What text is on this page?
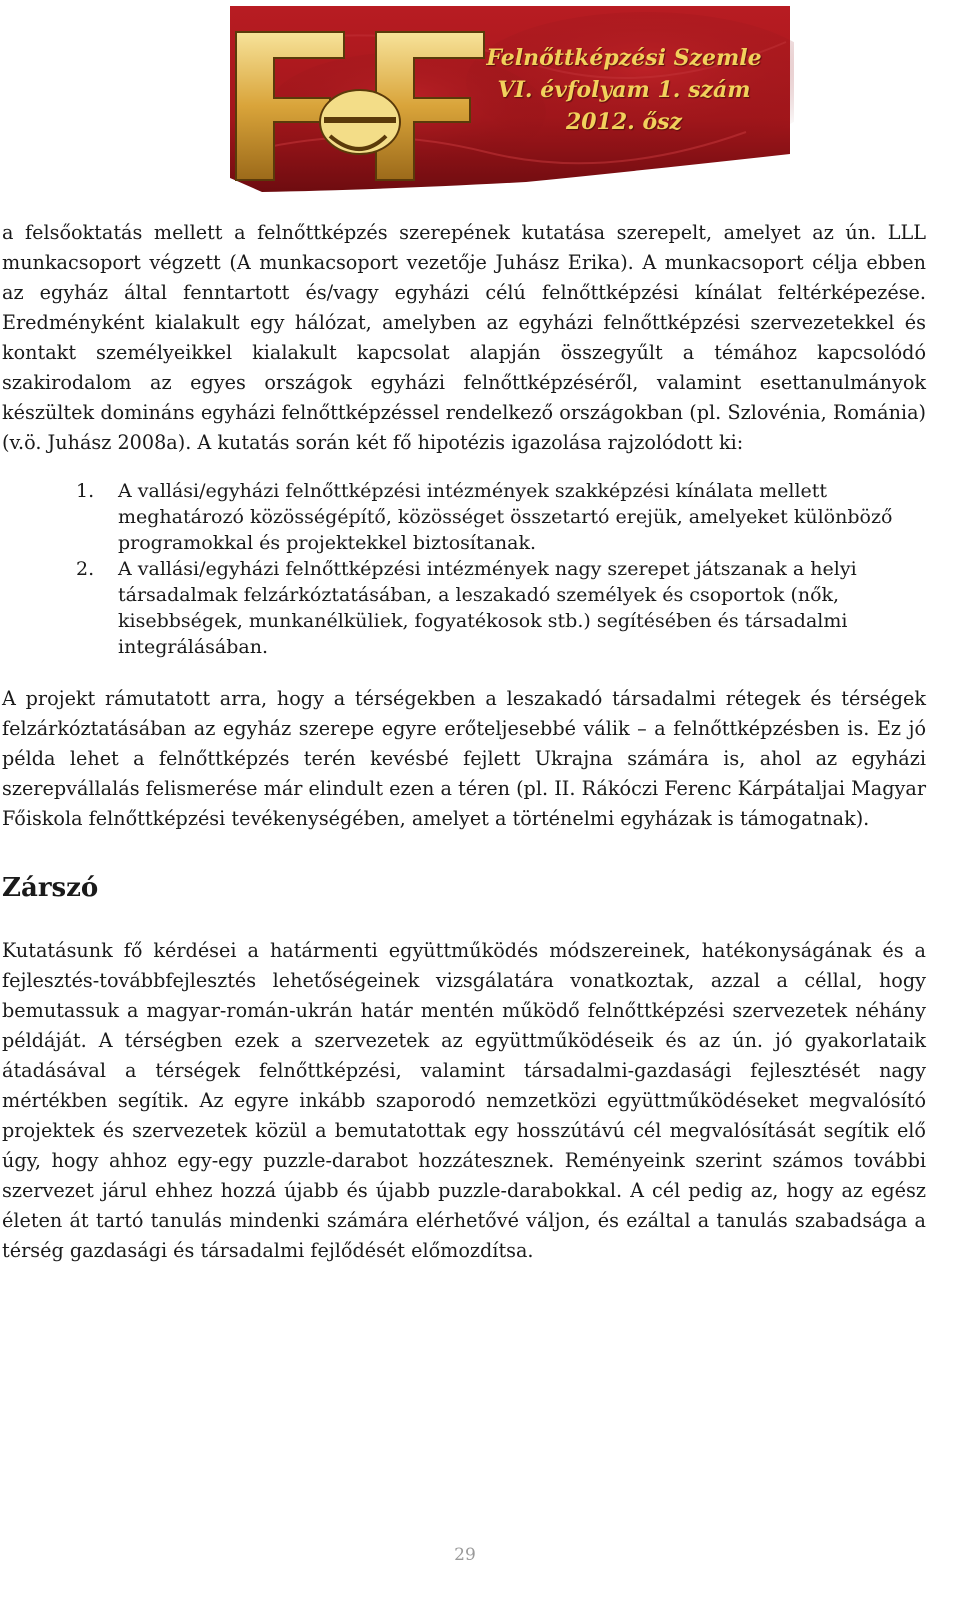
Felnőttképzési Szemle
VI. évfolyam 1. szám
2012. ősz

a felsőoktatás mellett a felnőttképzés szerepének kutatása szerepelt, amelyet az ún. LLL munkacsoport végzett (A munkacsoport vezetője Juhász Erika). A munkacsoport célja ebben az egyház által fenntartott és/vagy egyházi célú felnőttképzési kínálat feltérképezése. Eredményként kialakult egy hálózat, amelyben az egyházi felnőttképzési szervezetekkel és kontakt személyeikkel kialakult kapcsolat alapján összegyűlt a témához kapcsolódó szakirodalom az egyes országok egyházi felnőttképzéséről, valamint esettanulmányok készültek domináns egyházi felnőttképzéssel rendelkező országokban (pl. Szlovénia, Románia) (v.ö. Juhász 2008a). A kutatás során két fő hipotézis igazolása rajzolódott ki:

1. A vallási/egyházi felnőttképzési intézmények szakképzési kínálata mellett meghatározó közösségépítő, közösséget összetartó erejük, amelyeket különböző programokkal és projektekkel biztosítanak.
2. A vallási/egyházi felnőttképzési intézmények nagy szerepet játszanak a helyi társadalmak felzárkóztatásában, a leszakadó személyek és csoportok (nők, kisebbségek, munkanélküliek, fogyatékosok stb.) segítésében és társadalmi integrálásában.

A projekt rámutatott arra, hogy a térségekben a leszakadó társadalmi rétegek és térségek felzárkóztatásában az egyház szerepe egyre erőteljesebbé válik – a felnőttképzésben is. Ez jó példa lehet a felnőttképzés terén kevésbé fejlett Ukrajna számára is, ahol az egyházi szerepvállalás felismerése már elindult ezen a téren (pl. II. Rákóczi Ferenc Kárpátaljai Magyar Főiskola felnőttképzési tevékenységében, amelyet a történelmi egyházak is támogatnak).

Zárszó

Kutatásunk fő kérdései a határmenti együttműködés módszereinek, hatékonyságának és a fejlesztés-továbbfejlesztés lehetőségeinek vizsgálatára vonatkoztak, azzal a céllal, hogy bemutassuk a magyar-román-ukrán határ mentén működő felnőttképzési szervezetek néhány példáját. A térségben ezek a szervezetek az együttműködéseik és az ún. jó gyakorlataik átadásával a térségek felnőttképzési, valamint társadalmi-gazdasági fejlesztését nagy mértékben segítik. Az egyre inkább szaporodó nemzetközi együttműködéseket megvalósító projektek és szervezetek közül a bemutatottak egy hosszútávú cél megvalósítását segítik elő úgy, hogy ahhoz egy-egy puzzle-darabot hozzátesznek. Reményeink szerint számos további szervezet járul ehhez hozzá újabb és újabb puzzle-darabokkal. A cél pedig az, hogy az egész életen át tartó tanulás mindenki számára elérhetővé váljon, és ezáltal a tanulás szabadsága a térség gazdasági és társadalmi fejlődését előmozdítsa.

29
